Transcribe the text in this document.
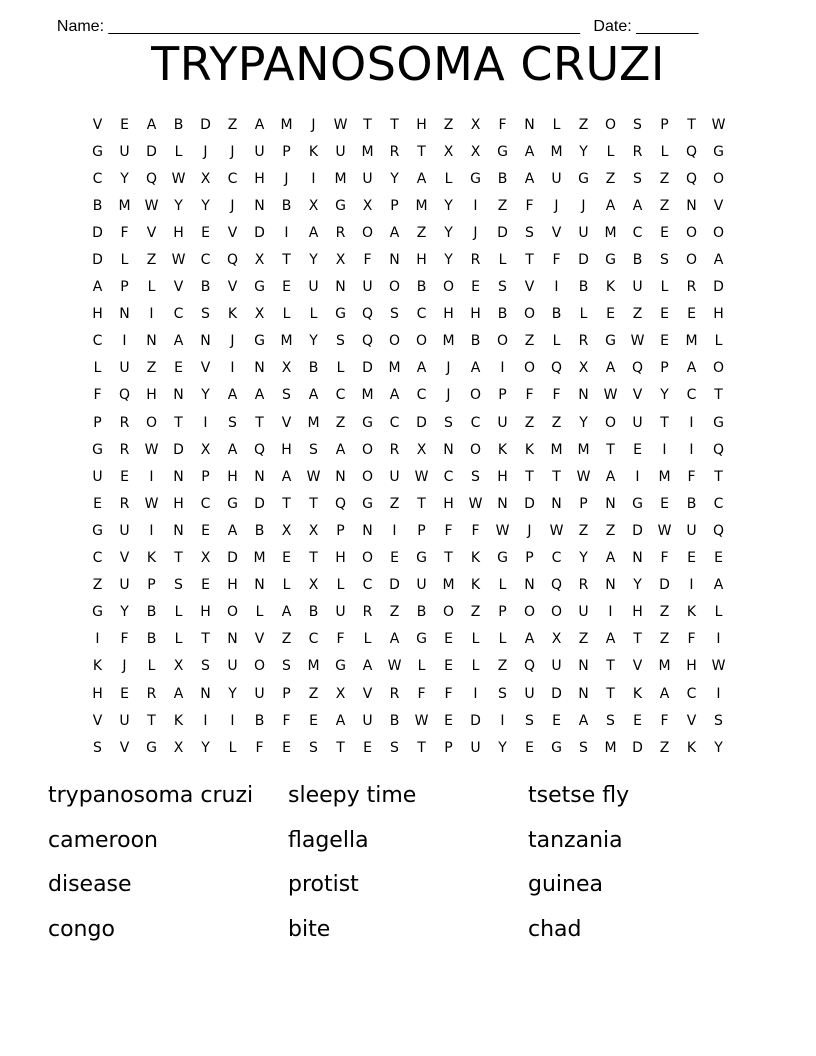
Name: _____________________________________________________ Date: _______

TRYPANOSOMA CRUZI
V	E	A	B	D	Z	A	M	J	W	T	T	H	Z	X	F	N	L	Z	O	S	P	T	W
G	U	D	L	J	J	U	P	K	U	M	R	T	X	X	G	A	M	Y	L	R	L	Q	G
C	Y	Q	W	X	C	H	J	I	M	U	Y	A	L	G	B	A	U	G	Z	S	Z	Q	O
B	M	W	Y	Y	J	N	B	X	G	X	P	M	Y	I	Z	F	J	J	A	A	Z	N	V
D	F	V	H	E	V	D	I	A	R	O	A	Z	Y	J	D	S	V	U	M	C	E	O	O
D	L	Z	W	C	Q	X	T	Y	X	F	N	H	Y	R	L	T	F	D	G	B	S	O	A
A	P	L	V	B	V	G	E	U	N	U	O	B	O	E	S	V	I	B	K	U	L	R	D
H	N	I	C	S	K	X	L	L	G	Q	S	C	H	H	B	O	B	L	E	Z	E	E	H
C	I	N	A	N	J	G	M	Y	S	Q	O	O	M	B	O	Z	L	R	G	W	E	M	L
L	U	Z	E	V	I	N	X	B	L	D	M	A	J	A	I	O	Q	X	A	Q	P	A	O
F	Q	H	N	Y	A	A	S	A	C	M	A	C	J	O	P	F	F	N	W	V	Y	C	T
P	R	O	T	I	S	T	V	M	Z	G	C	D	S	C	U	Z	Z	Y	O	U	T	I	G
G	R	W	D	X	A	Q	H	S	A	O	R	X	N	O	K	K	M	M	T	E	I	I	Q
U	E	I	N	P	H	N	A	W	N	O	U	W	C	S	H	T	T	W	A	I	M	F	T
E	R	W	H	C	G	D	T	T	Q	G	Z	T	H	W	N	D	N	P	N	G	E	B	C
G	U	I	N	E	A	B	X	X	P	N	I	P	F	F	W	J	W	Z	Z	D	W	U	Q
C	V	K	T	X	D	M	E	T	H	O	E	G	T	K	G	P	C	Y	A	N	F	E	E
Z	U	P	S	E	H	N	L	X	L	C	D	U	M	K	L	N	Q	R	N	Y	D	I	A
G	Y	B	L	H	O	L	A	B	U	R	Z	B	O	Z	P	O	O	U	I	H	Z	K	L
I	F	B	L	T	N	V	Z	C	F	L	A	G	E	L	L	A	X	Z	A	T	Z	F	I
K	J	L	X	S	U	O	S	M	G	A	W	L	E	L	Z	Q	U	N	T	V	M	H	W
H	E	R	A	N	Y	U	P	Z	X	V	R	F	F	I	S	U	D	N	T	K	A	C	I
V	U	T	K	I	I	B	F	E	A	U	B	W	E	D	I	S	E	A	S	E	F	V	S
S	V	G	X	Y	L	F	E	S	T	E	S	T	P	U	Y	E	G	S	M	D	Z	K	Y
trypanosoma cruzi	sleepy time	tsetse fly
cameroon	flagella	tanzania
disease	protist	guinea
congo	bite	chad
